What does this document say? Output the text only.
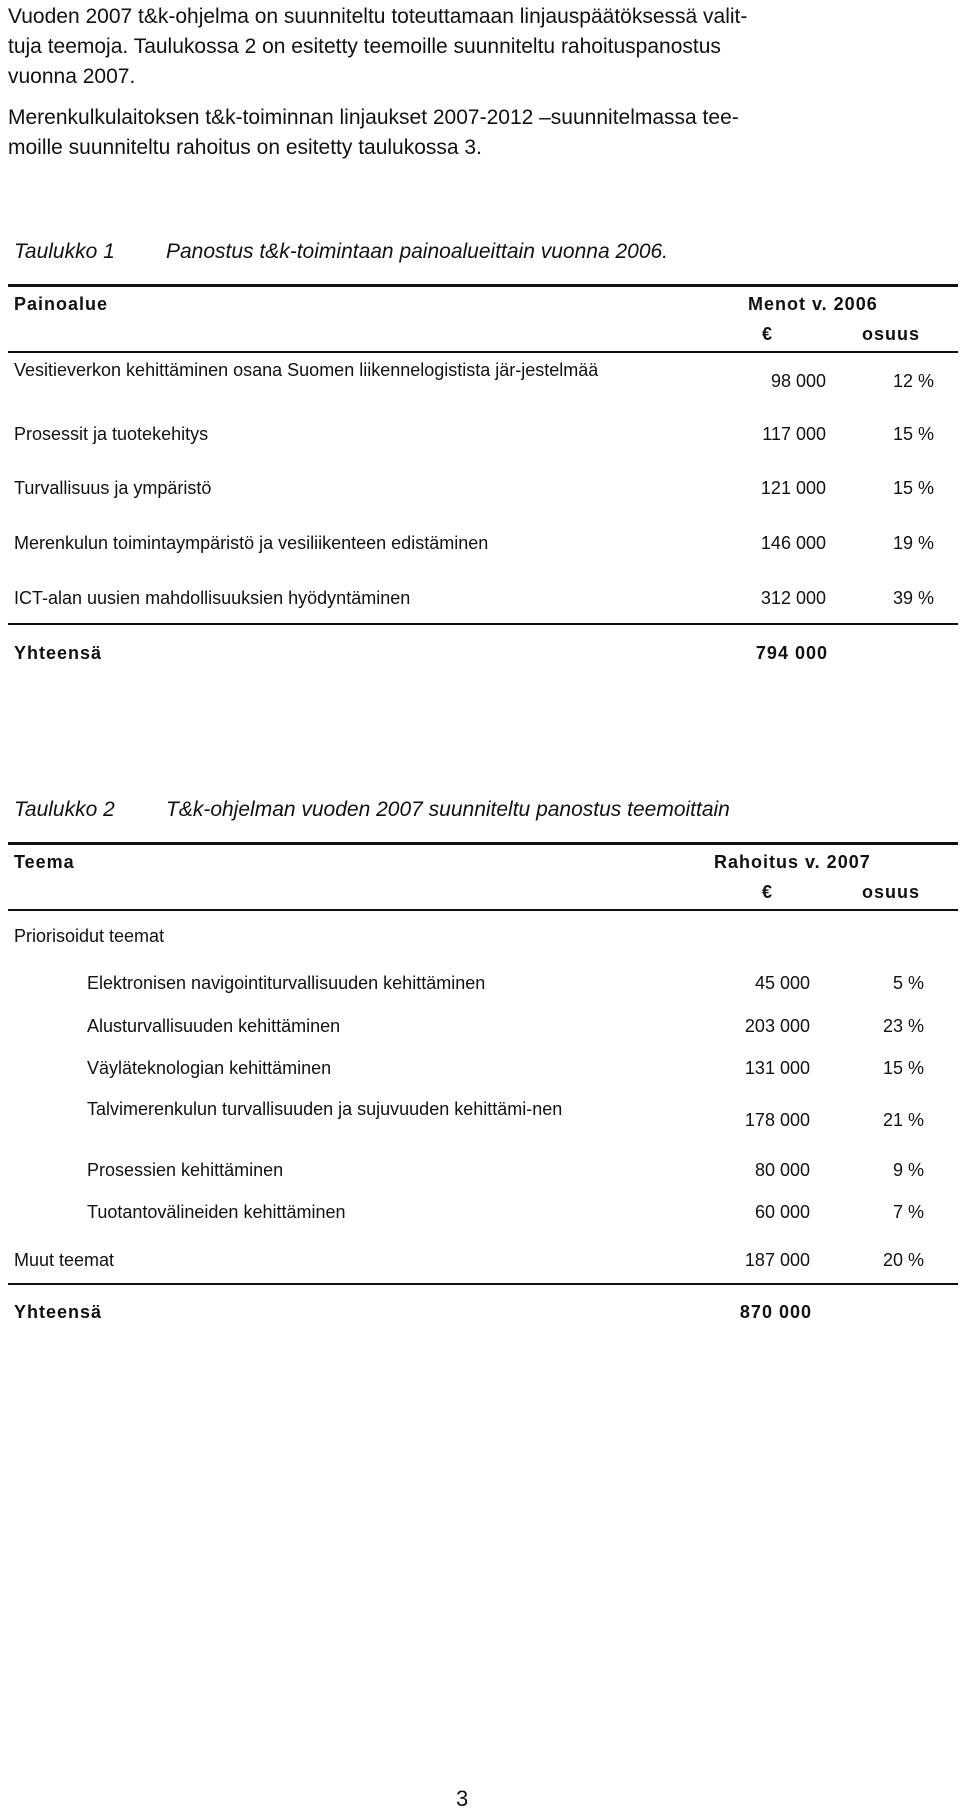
Vuoden 2007 t&k-ohjelma on suunniteltu toteuttamaan linjauspäätöksessä valit-
tuja teemoja. Taulukossa 2 on esitetty teemoille suunniteltu rahoituspanostus
vuonna 2007.
Merenkulkulaitoksen t&k-toiminnan linjaukset 2007-2012 –suunnitelmassa tee-
moille suunniteltu rahoitus on esitetty taulukossa 3.
Taulukko 1 Panostus t&k-toimintaan painoalueittain vuonna 2006.
Painoalue	Menot v. 2006
€	osuus
Vesitieverkon kehittäminen osana Suomen liikennelogististа jär-jestelmää
98 000	12 %
Prosessit ja tuotekehitys	117 000	15 %
Turvallisuus ja ympäristö	121 000	15 %
Merenkulun toimintaympäristö ja vesiliikenteen edistäminen	146 000	19 %
ICT-alan uusien mahdollisuuksien hyödyntäminen	312 000	39 %
Yhteensä	794 000
Taulukko 2 T&k-ohjelman vuoden 2007 suunniteltu panostus teemoittain
Teema	Rahoitus v. 2007
€	osuus
Priorisoidut teemat
Elektronisen navigointiturvallisuuden kehittäminen	45 000	5 %
Alusturvallisuuden kehittäminen	203 000	23 %
Väyläteknologian kehittäminen	131 000	15 %
Talvimerenkulun turvallisuuden ja sujuvuuden kehittämi-nen
178 000	21 %
Prosessien kehittäminen	80 000	9 %
Tuotantovälineiden kehittäminen	60 000	7 %
Muut teemat	187 000	20 %
Yhteensä	870 000
3
